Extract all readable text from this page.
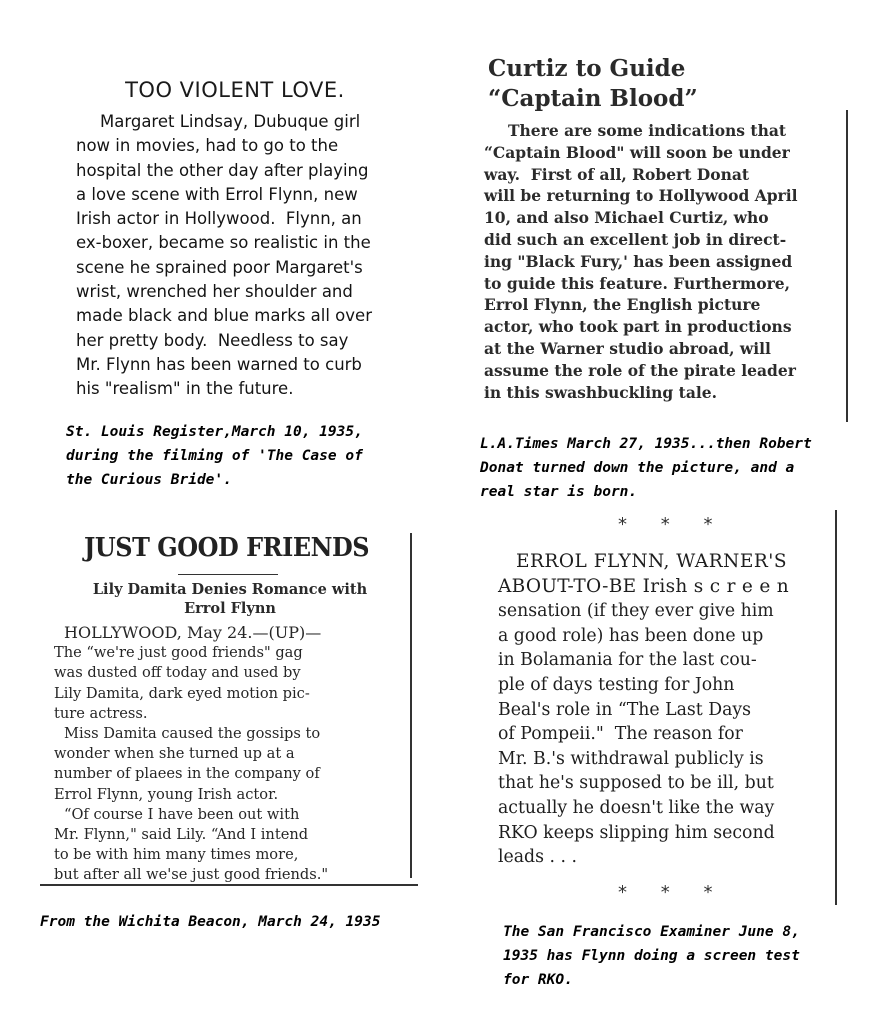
TOO VIOLENT LOVE.
Margaret Lindsay, Dubuque girl
now in movies, had to go to the
hospital the other day after playing
a love scene with Errol Flynn, new
Irish actor in Hollywood.  Flynn, an
ex-boxer, became so realistic in the
scene he sprained poor Margaret's
wrist, wrenched her shoulder and
made black and blue marks all over
her pretty body.  Needless to say
Mr. Flynn has been warned to curb
his "realism" in the future.
St. Louis Register,March 10, 1935,
during the filming of 'The Case of
the Curious Bride'.
Curtiz to Guide
“Captain Blood”
There are some indications that
“Captain Blood" will soon be under
way.  First of all, Robert Donat
will be returning to Hollywood April
10, and also Michael Curtiz, who
did such an excellent job in direct-
ing "Black Fury,' has been assigned
to guide this feature. Furthermore,
Errol Flynn, the English picture
actor, who took part in productions
at the Warner studio abroad, will
assume the role of the pirate leader
in this swashbuckling tale.
L.A.Times March 27, 1935...then Robert
Donat turned down the picture, and a
real star is born.
JUST GOOD FRIENDS
Lily Damita Denies Romance with
Errol Flynn
HOLLYWOOD, May 24.—(UP)—
The “we're just good friends" gag
was dusted off today and used by
Lily Damita, dark eyed motion pic-
ture actress.
Miss Damita caused the gossips to
wonder when she turned up at a
number of plaees in the company of
Errol Flynn, young Irish actor.
“Of course I have been out with
Mr. Flynn," said Lily. “And I intend
to be with him many times more,
but after all we'se just good friends."
From the Wichita Beacon, March 24, 1935
* * *
ERROL FLYNN, WARNER'S
ABOUT-TO-BE Irish s c r e e n
sensation (if they ever give him
a good role) has been done up
in Bolamania for the last cou-
ple of days testing for John
Beal's role in “The Last Days
of Pompeii."  The reason for
Mr. B.'s withdrawal publicly is
that he's supposed to be ill, but
actually he doesn't like the way
RKO keeps slipping him second
leads . . .
* * *
The San Francisco Examiner June 8,
1935 has Flynn doing a screen test
for RKO.
